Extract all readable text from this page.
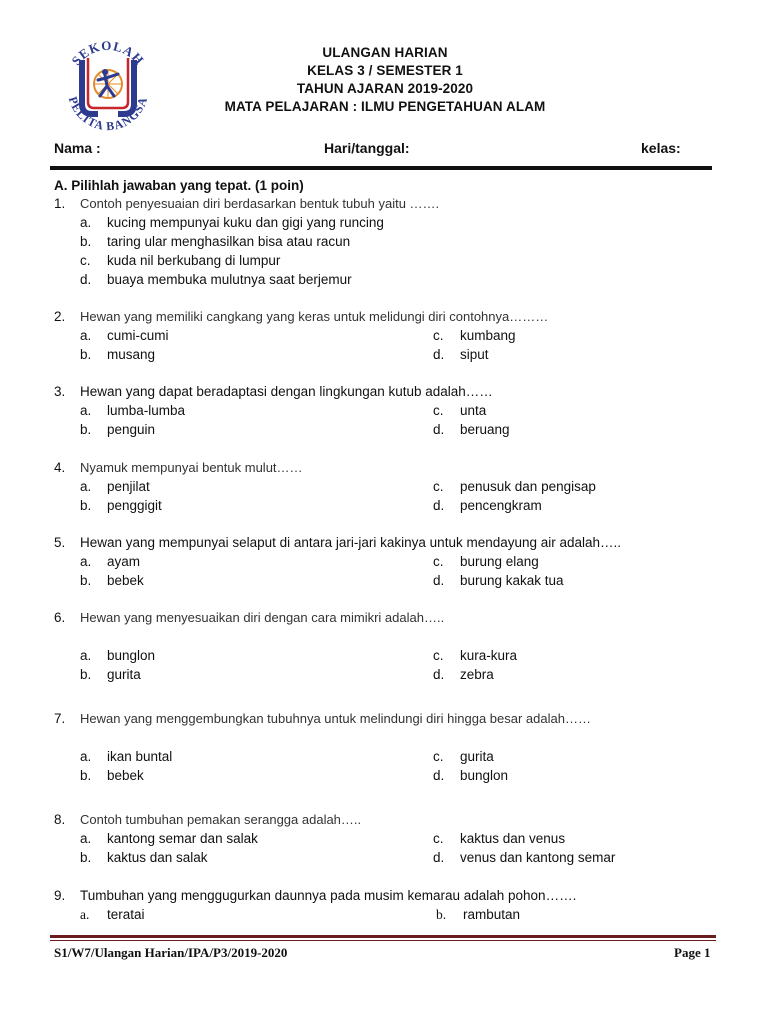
SEKOLAH
PELITA BANGSA
ULANGAN HARIAN
KELAS 3 / SEMESTER 1
TAHUN AJARAN 2019-2020
MATA PELAJARAN : ILMU PENGETAHUAN ALAM
Nama :	Hari/tanggal:	kelas:
A. Pilihlah jawaban yang tepat. (1 poin)
1. Contoh penyesuaian diri berdasarkan bentuk tubuh yaitu …….
a. kucing mempunyai kuku dan gigi yang runcing
b. taring ular menghasilkan bisa atau racun
c. kuda nil berkubang di lumpur
d. buaya membuka mulutnya saat berjemur
2. Hewan yang memiliki cangkang yang keras untuk melidungi diri contohnya………
a. cumi-cumi	c. kumbang
b. musang	d. siput
3. Hewan yang dapat beradaptasi dengan lingkungan kutub adalah……
a. lumba-lumba	c. unta
b. penguin	d. beruang
4. Nyamuk mempunyai bentuk mulut……
a. penjilat	c. penusuk dan pengisap
b. penggigit	d. pencengkram
5. Hewan yang mempunyai selaput di antara jari-jari kakinya untuk mendayung air adalah…..
a. ayam	c. burung elang
b. bebek	d. burung kakak tua
6. Hewan yang menyesuaikan diri dengan cara mimikri adalah…..
a. bunglon	c. kura-kura
b. gurita	d. zebra
7. Hewan yang menggembungkan tubuhnya untuk melindungi diri hingga besar adalah……
a. ikan buntal	c. gurita
b. bebek	d. bunglon
8. Contoh tumbuhan pemakan serangga adalah…..
a. kantong semar dan salak	c. kaktus dan venus
b. kaktus dan salak	d. venus dan kantong semar
9. Tumbuhan yang menggugurkan daunnya pada musim kemarau adalah pohon…….
a. teratai	b. rambutan
S1/W7/Ulangan Harian/IPA/P3/2019-2020	Page 1
